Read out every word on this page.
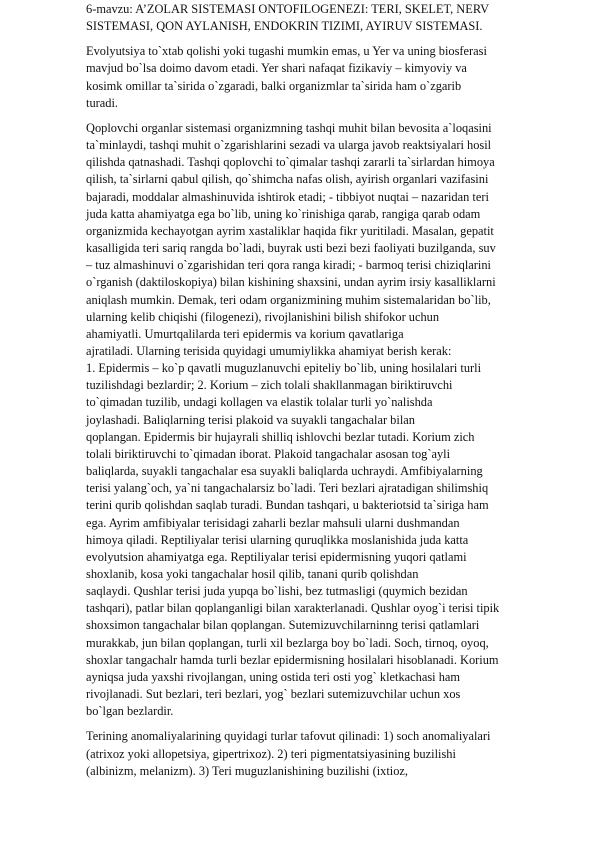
6-mavzu: A’ZOLAR SISTEMASI ONTOFILOGENEZI: TERI, SKELET, NERV
SISTEMASI, QON AYLANISH, ENDOKRIN TIZIMI, AYIRUV SISTEMASI.
Evolyutsiya to`xtab qolishi yoki tugashi mumkin emas, u Yer va uning biosferasi
mavjud bo`lsa doimo davom etadi. Yer shari nafaqat fizikaviy – kimyoviy va
kosimk omillar ta`sirida o`zgaradi, balki organizmlar ta`sirida ham o`zgarib
turadi.
Qoplovchi organlar sistemasi organizmning tashqi muhit bilan bevosita a`loqasini
ta`minlaydi, tashqi muhit o`zgarishlarini sezadi va ularga javob reaktsiyalari hosil
qilishda qatnashadi. Tashqi qoplovchi to`qimalar tashqi zararli ta`sirlardan himoya
qilish, ta`sirlarni qabul qilish, qo`shimcha nafas olish, ayirish organlari vazifasini
bajaradi, moddalar almashinuvida ishtirok etadi; - tibbiyot nuqtai – nazaridan teri
juda katta ahamiyatga ega bo`lib, uning ko`rinishiga qarab, rangiga qarab odam
organizmida kechayotgan ayrim xastaliklar haqida fikr yuritiladi. Masalan, gepatit
kasalligida teri sariq rangda bo`ladi, buyrak usti bezi bezi faoliyati buzilganda, suv
– tuz almashinuvi o`zgarishidan teri qora ranga kiradi; - barmoq terisi chiziqlarini
o`rganish (daktiloskopiya) bilan kishining shaxsini, undan ayrim irsiy kasalliklarni
aniqlash mumkin. Demak, teri odam organizmining muhim sistemalaridan bo`lib,
ularning kelib chiqishi (filogenezi), rivojlanishini bilish shifokor uchun
ahamiyatli. Umurtqalilarda teri epidermis va korium qavatlariga
ajratiladi. Ularning terisida quyidagi umumiylikka ahamiyat berish kerak:
1. Epidermis – ko`p qavatli muguzlanuvchi epiteliy bo`lib, uning hosilalari turli
tuzilishdagi bezlardir; 2. Korium – zich tolali shakllanmagan biriktiruvchi
to`qimadan tuzilib, undagi kollagen va elastik tolalar turli yo`nalishda
joylashadi. Baliqlarning terisi plakoid va suyakli tangachalar bilan
qoplangan. Epidermis bir hujayrali shilliq ishlovchi bezlar tutadi. Korium zich
tolali biriktiruvchi to`qimadan iborat. Plakoid tangachalar asosan tog`ayli
baliqlarda, suyakli tangachalar esa suyakli baliqlarda uchraydi. Amfibiyalarning
terisi yalang`och, ya`ni tangachalarsiz bo`ladi. Teri bezlari ajratadigan shilimshiq
terini qurib qolishdan saqlab turadi. Bundan tashqari, u bakteriotsid ta`siriga ham
ega. Ayrim amfibiyalar terisidagi zaharli bezlar mahsuli ularni dushmandan
himoya qiladi. Reptiliyalar terisi ularning quruqlikka moslanishida juda katta
evolyutsion ahamiyatga ega. Reptiliyalar terisi epidermisning yuqori qatlami
shoxlanib, kosa yoki tangachalar hosil qilib, tanani qurib qolishdan
saqlaydi. Qushlar terisi juda yupqa bo`lishi, bez tutmasligi (quymich bezidan
tashqari), patlar bilan qoplanganligi bilan xarakterlanadi. Qushlar oyog`i terisi tipik
shoxsimon tangachalar bilan qoplangan. Sutemizuvchilarninng terisi qatlamlari
murakkab, jun bilan qoplangan, turli xil bezlarga boy bo`ladi. Soch, tirnoq, oyoq,
shoxlar tangachalr hamda turli bezlar epidermisning hosilalari hisoblanadi. Korium
ayniqsa juda yaxshi rivojlangan, uning ostida teri osti yog` kletkachasi ham
rivojlanadi. Sut bezlari, teri bezlari, yog` bezlari sutemizuvchilar uchun xos
bo`lgan bezlardir.
Terining anomaliyalarining quyidagi turlar tafovut qilinadi: 1) soch anomaliyalari
(atrixoz yoki allopetsiya, gipertrixoz). 2) teri pigmentatsiyasining buzilishi
(albinizm, melanizm). 3) Teri muguzlanishining buzilishi (ixtioz,
